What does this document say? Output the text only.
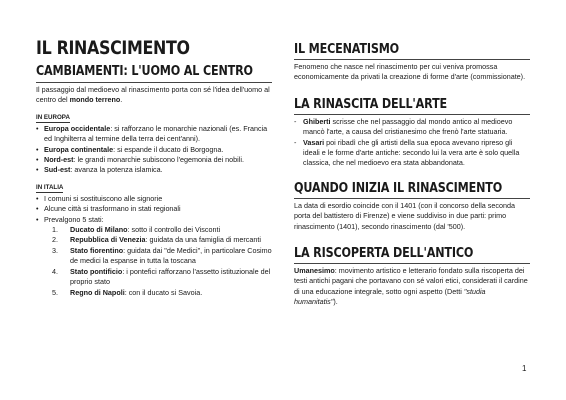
IL RINASCIMENTO
CAMBIAMENTI: L'UOMO AL CENTRO

Il passaggio dal medioevo al rinascimento porta con sé l'idea dell'uomo al centro del mondo terreno.

IN EUROPA
• Europa occidentale: si rafforzano le monarchie nazionali (es. Francia ed Inghilterra al termine della terra dei cent'anni).
• Europa continentale: si espande il ducato di Borgogna.
• Nord-est: le grandi monarchie subiscono l'egemonia dei nobili.
• Sud-est: avanza la potenza islamica.
IN ITALIA
• I comuni si sostituiscono alle signorie
• Alcune città si trasformano in stati regionali
• Prevalgono 5 stati:
1. Ducato di Milano: sotto il controllo dei Visconti
2. Repubblica di Venezia: guidata da una famiglia di mercanti
3. Stato fiorentino: guidata dai "de Medici", in particolare Cosimo de medici la espanse in tutta la toscana
4. Stato pontificio: i pontefici rafforzano l'assetto istituzionale del proprio stato
5. Regno di Napoli: con il ducato si Savoia.
IL MECENATISMO

Fenomeno che nasce nel rinascimento per cui veniva promossa economicamente da privati la creazione di forme d'arte (commissionate).

LA RINASCITA DELL'ARTE
- Ghiberti scrisse che nel passaggio dal mondo antico al medioevo mancò l'arte, a causa del cristianesimo che frenò l'arte statuaria.
- Vasari poi ribadì che gli artisti della sua epoca avevano ripreso gli ideali e le forme d'arte antiche: secondo lui la vera arte è solo quella classica, che nel medioevo era stata abbandonata.
QUANDO INIZIA IL RINASCIMENTO

La data di esordio coincide con il 1401 (con il concorso della seconda porta del battistero di Firenze) e viene suddiviso in due parti: primo rinascimento (1401), secondo rinascimento (dal '500).

LA RISCOPERTA DELL'ANTICO

Umanesimo: movimento artistico e letterario fondato sulla riscoperta dei testi antichi pagani che portavano con sé valori etici, considerati il cardine di una educazione integrale, sotto ogni aspetto (Detti "studia humanitatis").

1
